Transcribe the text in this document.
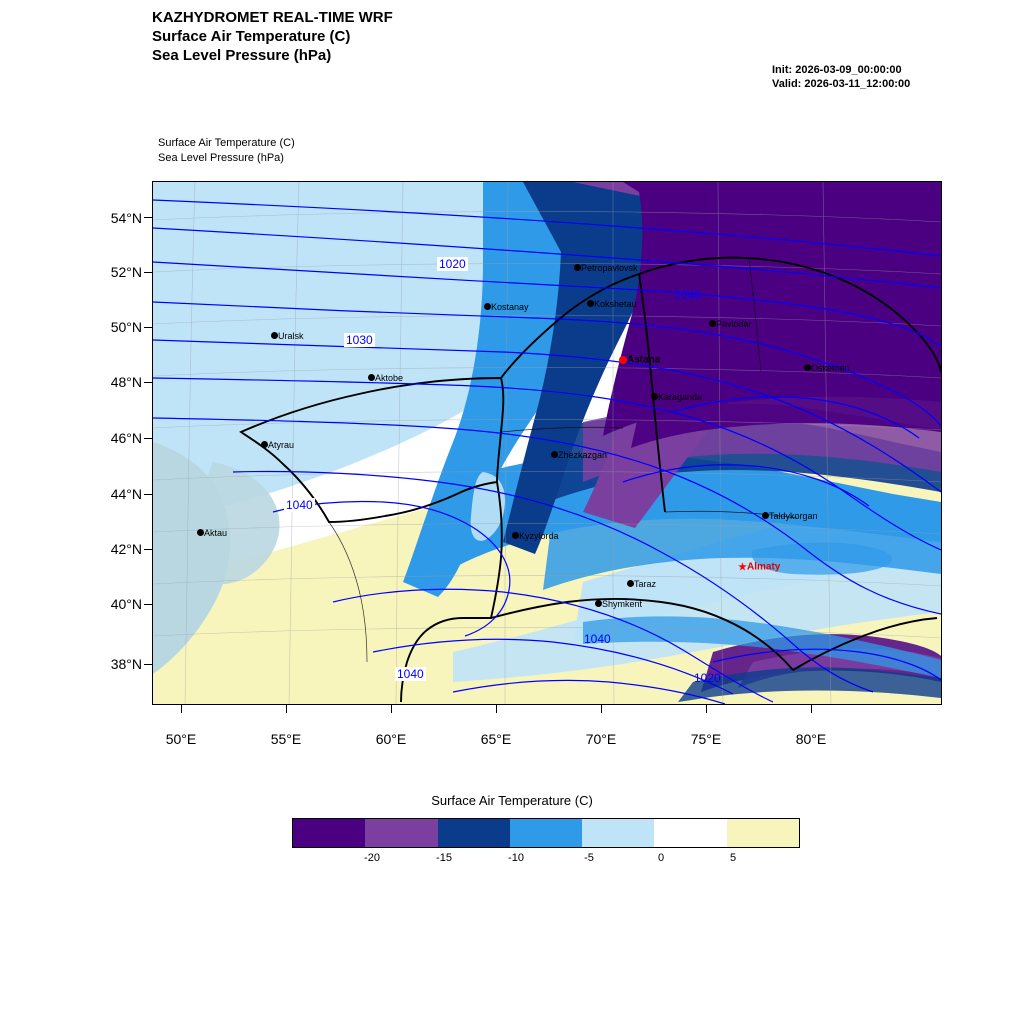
KAZHYDROMET REAL-TIME WRF
Surface Air Temperature (C)
Sea Level Pressure (hPa)
Init: 2026-03-09_00:00:00
Valid: 2026-03-11_12:00:00
Surface Air Temperature (C)
Sea Level Pressure (hPa)
1020
1030
1040
1040
1040
1040
1020
Petropavlovsk
Kostanay	Kokshetau
Pavlodar
Uralsk
Astana
Oskemen
Aktobe
Karaganda
Atyrau
Zhezkazgan
Taldykorgan
Aktau	Kyzylorda
Almaty
Taraz
Shymkent
54°N
52°N
50°N
48°N
46°N
44°N
42°N
40°N
38°N
50°E	55°E	60°E	65°E	70°E	75°E	80°E
Surface Air Temperature (C)
-20	-15	-10	-5	0	5
